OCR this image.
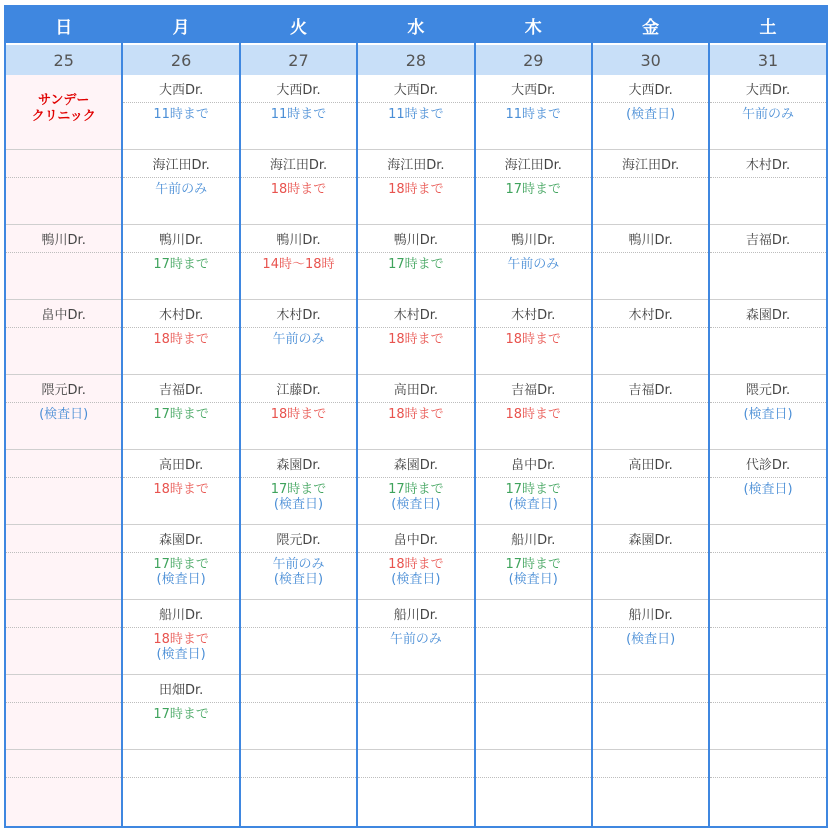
日
25
サンデー
クリニック
鴨川Dr.
畠中Dr.
隈元Dr.
(検査日)
月
26
大西Dr.
11時まで
海江田Dr.
午前のみ
鴨川Dr.
17時まで
木村Dr.
18時まで
吉福Dr.
17時まで
高田Dr.
18時まで
森園Dr.
17時まで
(検査日)
船川Dr.
18時まで
(検査日)
田畑Dr.
17時まで
火
27
大西Dr.
11時まで
海江田Dr.
18時まで
鴨川Dr.
14時～18時
木村Dr.
午前のみ
江藤Dr.
18時まで
森園Dr.
17時まで
(検査日)
隈元Dr.
午前のみ
(検査日)
水
28
大西Dr.
11時まで
海江田Dr.
18時まで
鴨川Dr.
17時まで
木村Dr.
18時まで
高田Dr.
18時まで
森園Dr.
17時まで
(検査日)
畠中Dr.
18時まで
(検査日)
船川Dr.
午前のみ
木
29
大西Dr.
11時まで
海江田Dr.
17時まで
鴨川Dr.
午前のみ
木村Dr.
18時まで
吉福Dr.
18時まで
畠中Dr.
17時まで
(検査日)
船川Dr.
17時まで
(検査日)
金
30
大西Dr.
(検査日)
海江田Dr.
鴨川Dr.
木村Dr.
吉福Dr.
高田Dr.
森園Dr.
船川Dr.
(検査日)
土
31
大西Dr.
午前のみ
木村Dr.
吉福Dr.
森園Dr.
隈元Dr.
(検査日)
代診Dr.
(検査日)
